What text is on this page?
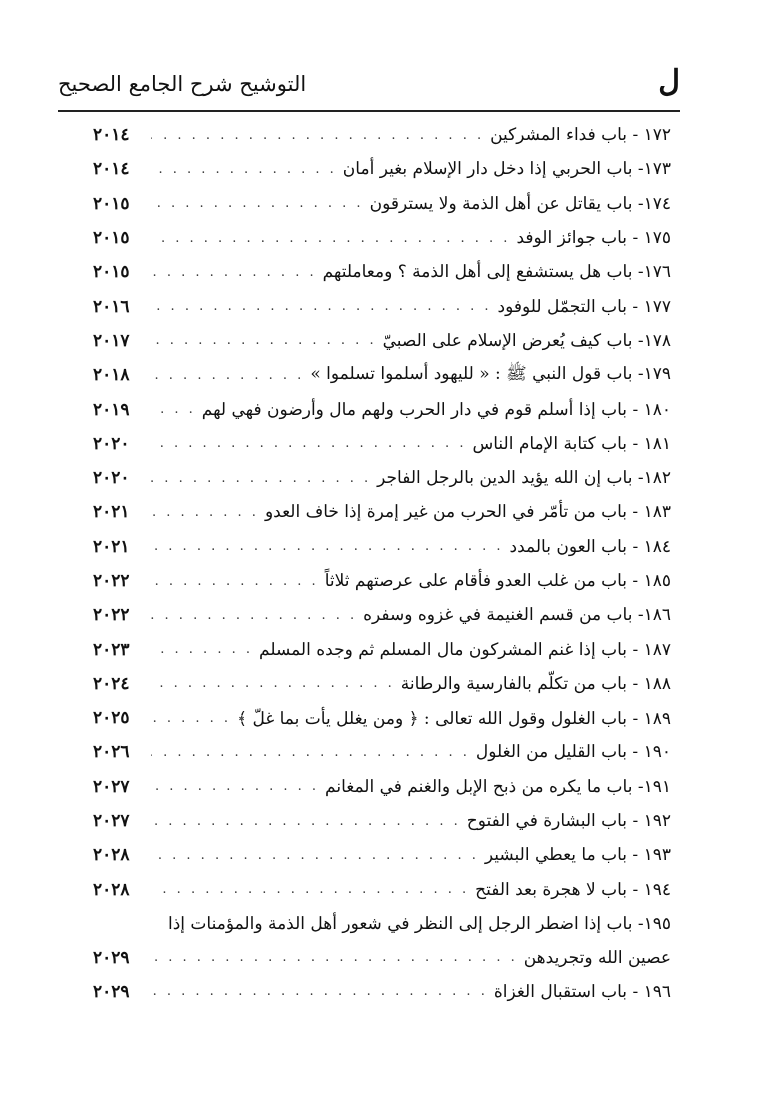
ل
التوشيح شرح الجامع الصحيح
١٧٢ - باب فداء المشركين
. . .
٢٠١٤
١٧٣- باب الحربي إذا دخل دار الإسلام بغير أمان
. . .
٢٠١٤
١٧٤- باب يقاتل عن أهل الذمة ولا يسترقون
. . .
٢٠١٥
١٧٥ - باب جوائز الوفد
. . .
٢٠١٥
١٧٦- باب هل يستشفع إلى أهل الذمة ؟ ومعاملتهم
. . .
٢٠١٥
١٧٧ - باب التجمّل للوفود
. . .
٢٠١٦
١٧٨- باب كيف يُعرض الإسلام على الصبيّ
. . .
٢٠١٧
١٧٩- باب قول النبي ﷺ : « لليهود أسلموا تسلموا »
. . .
٢٠١٨
١٨٠ - باب إذا أسلم قوم في دار الحرب ولهم مال وأرضون فهي لهم
. . .
٢٠١٩
١٨١ - باب كتابة الإمام الناس
. . .
٢٠٢٠
١٨٢- باب إن الله يؤيد الدين بالرجل الفاجر
. . .
٢٠٢٠
١٨٣ - باب من تأمّر في الحرب من غير إمرة إذا خاف العدو
. . .
٢٠٢١
١٨٤ - باب العون بالمدد
. . .
٢٠٢١
١٨٥ - باب من غلب العدو فأقام على عرصتهم ثلاثاً
. . .
٢٠٢٢
١٨٦- باب من قسم الغنيمة في غزوه وسفره
. . .
٢٠٢٢
١٨٧ - باب إذا غنم المشركون مال المسلم ثم وجده المسلم
. . .
٢٠٢٣
١٨٨ - باب من تكلّم بالفارسية والرطانة
. . .
٢٠٢٤
١٨٩ - باب الغلول وقول الله تعالى : ﴿ ومن يغلل يأت بما غلّ ﴾
. . .
٢٠٢٥
١٩٠ - باب القليل من الغلول
. . .
٢٠٢٦
١٩١- باب ما يكره من ذبح الإبل والغنم في المغانم
. . .
٢٠٢٧
١٩٢ - باب البشارة في الفتوح
. . .
٢٠٢٧
١٩٣ - باب ما يعطي البشير
. . .
٢٠٢٨
١٩٤ - باب لا هجرة بعد الفتح
. . .
٢٠٢٨
١٩٥- باب إذا اضطر الرجل إلى النظر في شعور أهل الذمة والمؤمنات إذا
عصين الله وتجريدهن
. . .
٢٠٢٩
١٩٦ - باب استقبال الغزاة
. . .
٢٠٢٩
